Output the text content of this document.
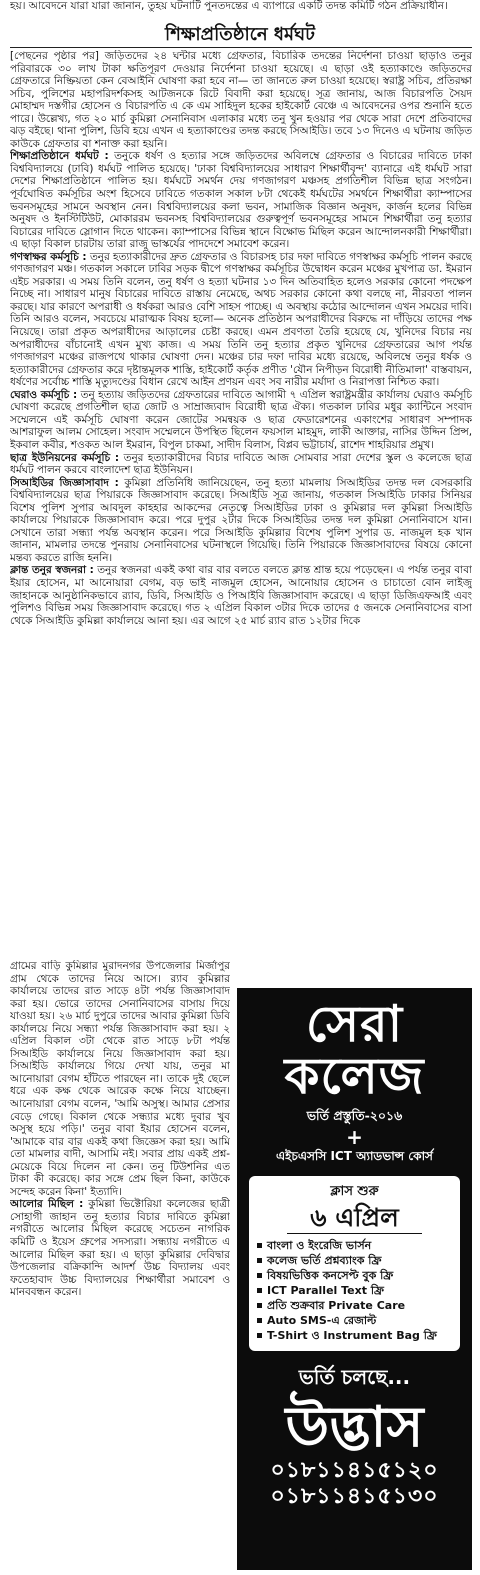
হয়। আবেদনে যারা যারা জানান, তুহয় ঘটনাটি পুনতদন্তের এ ব্যাপারে একটি তদন্ত কমিটি গঠন প্রক্রিয়াধীন।
শিক্ষাপ্রতিষ্ঠানে ধর্মঘট

[পেছনের পৃষ্ঠার পর] জড়িতদের ২৪ ঘন্টার মধ্যে গ্রেফতার, বিচারিক তদন্তের নির্দেশনা চাওয়া ছাড়াও তনুর পরিবারকে ৩০ লাখ টাকা ক্ষতিপূরণ দেওয়ার নির্দেশনা চাওয়া হয়েছে। এ ছাড়া ওই হত্যাকাণ্ডে জড়িতদের গ্রেফতারে নিষ্ক্রিয়তা কেন বেআইনি ঘোষণা করা হবে না— তা জানতে রুল চাওয়া হয়েছে। স্বরাষ্ট্র সচিব, প্রতিরক্ষা সচিব, পুলিশের মহাপরিদর্শকসহ আটজনকে রিটে বিবাদী করা হয়েছে। সূত্র জানায়, আজ বিচারপতি সৈয়দ মোহাম্মদ দস্তগীর হোসেন ও বিচারপতি এ কে এম সাহিদুল হকের হাইকোর্ট বেঞ্চে এ আবেদনের ওপর শুনানি হতে পারে। উল্লেখ্য, গত ২০ মার্চ কুমিল্লা সেনানিবাস এলাকার মধ্যে তনু খুন হওয়ার পর থেকে সারা দেশে প্রতিবাদের ঝড় বইছে। থানা পুলিশ, ডিবি হয়ে এখন এ হত্যাকাণ্ডের তদন্ত করছে সিআইডি। তবে ১৩ দিনেও এ ঘটনায় জড়িত কাউকে গ্রেফতার বা শনাক্ত করা হয়নি।

শিক্ষাপ্রতিষ্ঠানে ধর্মঘট : তনুকে ধর্ষণ ও হত্যার সঙ্গে জড়িতদের অবিলম্বে গ্রেফতার ও বিচারের দাবিতে ঢাকা বিশ্ববিদ্যালয়ে (ঢাবি) ধর্মঘট পালিত হয়েছে। 'ঢাকা বিশ্ববিদ্যালয়ের সাধারণ শিক্ষার্থীবৃন্দ' ব্যানারে এই ধর্মঘট সারা দেশের শিক্ষাপ্রতিষ্ঠানে পালিত হয়। ধর্মঘটে সমর্থন দেয় গণজাগরণ মঞ্চসহ প্রগতিশীল বিভিন্ন ছাত্র সংগঠন। পূর্বঘোষিত কর্মসূচির অংশ হিসেবে ঢাবিতে গতকাল সকাল ৮টা থেকেই ধর্মঘটের সমর্থনে শিক্ষার্থীরা ক্যাম্পাসের ভবনসমূহের সামনে অবস্থান নেন। বিশ্ববিদ্যালয়ের কলা ভবন, সামাজিক বিজ্ঞান অনুষদ, কার্জন হলের বিভিন্ন অনুষদ ও ইনস্টিটিউট, মোকাররম ভবনসহ বিশ্ববিদ্যালয়ের গুরুত্বপূর্ণ ভবনসমূহের সামনে শিক্ষার্থীরা তনু হত্যার বিচারের দাবিতে স্লোগান দিতে থাকেন। ক্যাম্পাসের বিভিন্ন স্থানে বিক্ষোভ মিছিল করেন আন্দোলনকারী শিক্ষার্থীরা। এ ছাড়া বিকাল চারটায় তারা রাজু ভাস্কর্যের পাদদেশে সমাবেশ করেন।

গণস্বাক্ষর কর্মসূচি : তনুর হত্যাকারীদের দ্রুত গ্রেফতার ও বিচারসহ চার দফা দাবিতে গণস্বাক্ষর কর্মসূচি পালন করছে গণজাগরণ মঞ্চ। গতকাল সকালে ঢাবির সড়ক দ্বীপে গণস্বাক্ষর কর্মসূচির উদ্বোধন করেন মঞ্চের মুখপাত্র ডা. ইমরান এইচ সরকার। এ সময় তিনি বলেন, তনু ধর্ষণ ও হত্যা ঘটনার ১৩ দিন অতিবাহিত হলেও সরকার কোনো পদক্ষেপ নিচ্ছে না। সাধারণ মানুষ বিচারের দাবিতে রাস্তায় নেমেছে, অথচ সরকার কোনো কথা বলছে না, নীরবতা পালন করছে। যার কারণে অপরাধী ও ধর্ষকরা আরও বেশি সাহস পাচ্ছে। এ অবস্থায় কঠোর আন্দোলন এখন সময়ের দাবি। তিনি আরও বলেন, সবচেয়ে মারাত্মক বিষয় হলো— অনেক প্রতিষ্ঠান অপরাধীদের বিরুদ্ধে না দাঁড়িয়ে তাদের পক্ষ নিয়েছে। তারা প্রকৃত অপরাধীদের আড়ালের চেষ্টা করছে। এমন প্রবণতা তৈরি হয়েছে যে, খুনিদের বিচার নয় অপরাধীদের বাঁচানোই এখন মুখ্য কাজ। এ সময় তিনি তনু হত্যার প্রকৃত খুনিদের গ্রেফতারের আগ পর্যন্ত গণজাগরণ মঞ্চের রাজপথে থাকার ঘোষণা দেন। মঞ্চের চার দফা দাবির মধ্যে রয়েছে, অবিলম্বে তনুর ধর্ষক ও হত্যাকারীদের গ্রেফতার করে দৃষ্টান্তমূলক শাস্তি, হাইকোর্ট কর্তৃক প্রণীত 'যৌন নিপীড়ন বিরোধী নীতিমালা' বাস্তবায়ন, ধর্ষণের সর্বোচ্চ শাস্তি মৃত্যুদণ্ডের বিধান রেখে আইন প্রণয়ন এবং সব নারীর মর্যাদা ও নিরাপত্তা নিশ্চিত করা।

ঘেরাও কর্মসূচি : তনু হত্যায় জড়িতদের গ্রেফতারের দাবিতে আগামী ৭ এপ্রিল স্বরাষ্ট্রমন্ত্রীর কার্যালয় ঘেরাও কর্মসূচি ঘোষণা করেছে প্রগতিশীল ছাত্র জোট ও সাম্রাজ্যবাদ বিরোধী ছাত্র ঐক্য। গতকাল ঢাবির মধুর ক্যান্টিনে সংবাদ সম্মেলনে এই কর্মসূচি ঘোষণা করেন জোটের সমন্বয়ক ও ছাত্র ফেডারেশনের একাংশের সাধারণ সম্পাদক আশরাফুল আলম সোহেল। সংবাদ সম্মেলনে উপস্থিত ছিলেন ফয়সাল মাহমুদ, লাকী আক্তার, নাসির উদ্দিন প্রিন্স, ইকবাল কবীর, শওকত আল ইমরান, বিপুল চাকমা, সাদীদ বিলাস, বিপ্লব ভট্টাচার্য, রাশেদ শাহরিয়ার প্রমুখ।

ছাত্র ইউনিয়নের কর্মসূচি : তনুর হত্যাকারীদের বিচার দাবিতে আজ সোমবার সারা দেশের স্কুল ও কলেজে ছাত্র ধর্মঘট পালন করবে বাংলাদেশ ছাত্র ইউনিয়ন।

সিআইডির জিজ্ঞাসাবাদ : কুমিল্লা প্রতিনিধি জানিয়েছেন, তনু হত্যা মামলায় সিআইডির তদন্ত দল বেসরকারি বিশ্ববিদ্যালয়ের ছাত্র পিয়ারকে জিজ্ঞাসাবাদ করেছে। সিআইডি সূত্র জানায়, গতকাল সিআইডি ঢাকার সিনিয়র বিশেষ পুলিশ সুপার আবদুল কাহহার আকন্দের নেতৃত্বে সিআইডির ঢাকা ও কুমিল্লার দল কুমিল্লা সিআইডি কার্যালয়ে পিয়ারকে জিজ্ঞাসাবাদ করে। পরে দুপুর ২টার দিকে সিআইডির তদন্ত দল কুমিল্লা সেনানিবাসে যান। সেখানে তারা সন্ধ্যা পর্যন্ত অবস্থান করেন। পরে সিআইডি কুমিল্লার বিশেষ পুলিশ সুপার ড. নাজমুল হক খান জানান, মামলার তদন্তে পুনরায় সেনানিবাসের ঘটনাস্থলে গিয়েছি। তিনি পিয়ারকে জিজ্ঞাসাবাদের বিষয়ে কোনো মন্তব্য করতে রাজি হননি।

ক্লান্ত তনুর স্বজনরা : তনুর স্বজনরা একই কথা বার বার বলতে বলতে ক্লান্ত শ্রান্ত হয়ে পড়েছেন। এ পর্যন্ত তনুর বাবা ইয়ার হোসেন, মা আনোয়ারা বেগম, বড় ভাই নাজমুল হোসেন, আনোয়ার হোসেন ও চাচাতো বোন লাইজু জাহানকে আনুষ্ঠানিকভাবে র‍্যাব, ডিবি, সিআইডি ও পিআইবি জিজ্ঞাসাবাদ করেছে। এ ছাড়া ডিজিএফআই এবং পুলিশও বিভিন্ন সময় জিজ্ঞাসাবাদ করেছে। গত ২ এপ্রিল বিকাল ৩টার দিকে তাদের ৫ জনকে সেনানিবাসের বাসা থেকে সিআইডি কুমিল্লা কার্যালয়ে আনা হয়। এর আগে ২৫ মার্চ র‍্যাব রাত ১২টার দিকে

গ্রামের বাড়ি কুমিল্লার মুরাদনগর উপজেলার মির্জাপুর গ্রাম থেকে তাদের নিয়ে আসে। র‍্যাব কুমিল্লার কার্যালয়ে তাদের রাত সাড়ে ৪টা পর্যন্ত জিজ্ঞাসাবাদ করা হয়। ভোরে তাদের সেনানিবাসের বাসায় দিয়ে যাওয়া হয়। ২৬ মার্চ দুপুরে তাদের আবার কুমিল্লা ডিবি কার্যালয়ে নিয়ে সন্ধ্যা পর্যন্ত জিজ্ঞাসাবাদ করা হয়। ২ এপ্রিল বিকাল ৩টা থেকে রাত সাড়ে ৮টা পর্যন্ত সিআইডি কার্যালয়ে নিয়ে জিজ্ঞাসাবাদ করা হয়। সিআইডি কার্যালয়ে গিয়ে দেখা যায়, তনুর মা আনোয়ারা বেগম হাঁটতে পারছেন না। তাকে দুই ছেলে ধরে এক কক্ষ থেকে আরেক কক্ষে নিয়ে যাচ্ছেন। আনোয়ারা বেগম বলেন, 'আমি অসুস্থ। আমার প্রেসার বেড়ে গেছে। বিকাল থেকে সন্ধ্যার মধ্যে দুবার খুব অসুস্থ হয়ে পড়ি।' তনুর বাবা ইয়ার হোসেন বলেন, 'আমাকে বার বার একই কথা জিজ্ঞেস করা হয়। আমি তো মামলার বাদী, আসামি নই। সবার প্রায় একই প্রশ্ন- মেয়েকে বিয়ে দিলেন না কেন। তনু টিউশনির এত টাকা কী করেছে। কার সঙ্গে প্রেম ছিল কিনা, কাউকে সন্দেহ করেন কিনা' ইত্যাদি।

আলোর মিছিল : কুমিল্লা ভিক্টোরিয়া কলেজের ছাত্রী সোহাগী জাহান তনু হত্যার বিচার দাবিতে কুমিল্লা নগরীতে আলোর মিছিল করেছে সচেতন নাগরিক কমিটি ও ইয়েস গ্রুপের সদস্যরা। সন্ধ্যায় নগরীতে এ আলোর মিছিল করা হয়। এ ছাড়া কুমিল্লার দেবিদ্বার উপজেলার বক্রিকান্দি আদর্শ উচ্চ বিদ্যালয় এবং ফতেহাবাদ উচ্চ বিদ্যালয়ের শিক্ষার্থীরা সমাবেশ ও মানববন্ধন করেন।

সেরা
কলেজ
ভর্তি প্রস্তুতি-২০১৬
+
এইচএসসি ICT অ্যাডভান্স কোর্স
ক্লাস শুরু
৬ এপ্রিল
বাংলা ও ইংরেজি ভার্সন
কলেজ ভর্তি প্রশ্নব্যাংক ফ্রি
বিষয়ভিত্তিক কনসেপ্ট বুক ফ্রি
ICT Parallel Text ফ্রি
প্রতি শুক্রবার Private Care
Auto SMS-এ রেজাল্ট
T-Shirt ও Instrument Bag ফ্রি
ভর্তি চলছে...
উদ্ভাস
০১৮১১৪১৫১২০
০১৮১১৪১৫১৩০
